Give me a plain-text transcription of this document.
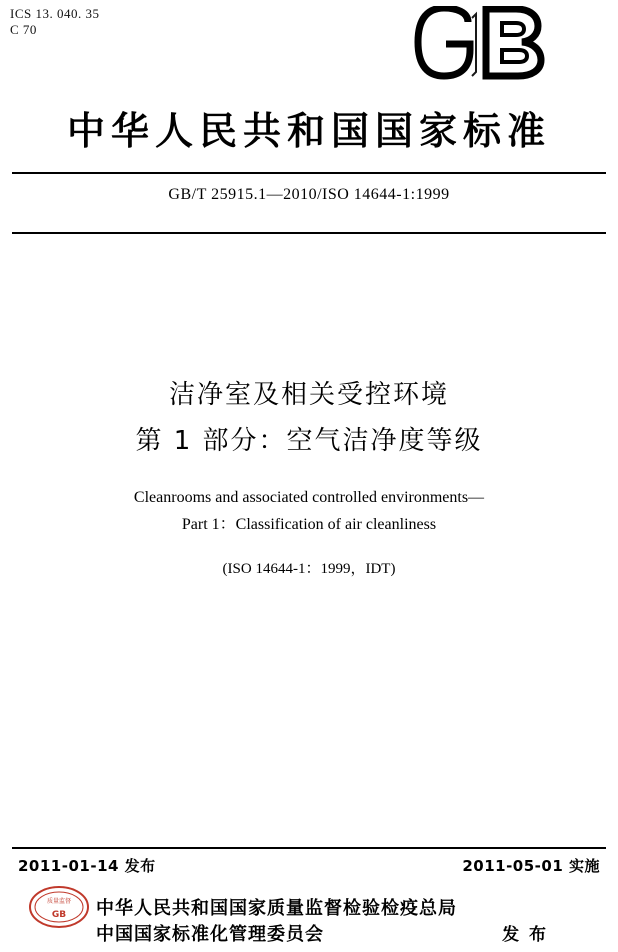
ICS 13. 040. 35
C 70
中华人民共和国国家标准
GB/T 25915.1—2010/ISO 14644-1:1999
洁净室及相关受控环境
第 1 部分：空气洁净度等级
Cleanrooms and associated controlled environments—
Part 1：Classification of air cleanliness
(ISO 14644-1：1999，IDT)
2011-01-14 发布	2011-05-01 实施
质量监督
GB 中华人民共和国国家质量监督检验检疫总局
中国国家标准化管理委员会	发 布
